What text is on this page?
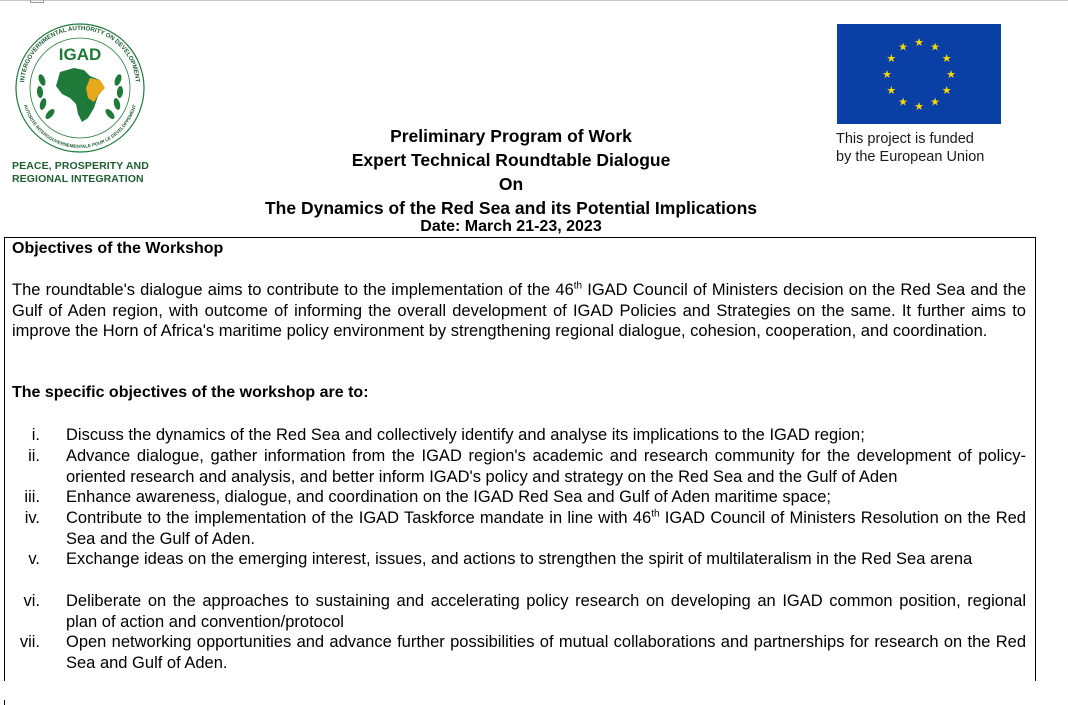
INTERGOVERNMENTAL AUTHORITY ON DEVELOPMENT
AUTORITÉ INTERGOUVERNEMENTALE POUR LE DÉVELOPPEMENT
IGAD
PEACE, PROSPERITY AND
REGIONAL INTEGRATION
★ ★
★
★
★
★
★
★
★
★
★
★
This project is funded
by the European Union
Preliminary Program of Work
Expert Technical Roundtable Dialogue
On
The Dynamics of the Red Sea and its Potential Implications
Date: March 21-23, 2023
Objectives of the Workshop
The roundtable's dialogue aims to contribute to the implementation of the 46th IGAD Council of Ministers decision on the Red Sea and the Gulf of Aden region, with outcome of informing the overall development of IGAD Policies and Strategies on the same. It further aims to improve the Horn of Africa's maritime policy environment by strengthening regional dialogue, cohesion, cooperation, and coordination.
The specific objectives of the workshop are to:
i. Discuss the dynamics of the Red Sea and collectively identify and analyse its implications to the IGAD region;
ii. Advance dialogue, gather information from the IGAD region's academic and research community for the development of policy-oriented research and analysis, and better inform IGAD's policy and strategy on the Red Sea and the Gulf of Aden
iii. Enhance awareness, dialogue, and coordination on the IGAD Red Sea and Gulf of Aden maritime space;
iv. Contribute to the implementation of the IGAD Taskforce mandate in line with 46th IGAD Council of Ministers Resolution on the Red Sea and the Gulf of Aden.
v. Exchange ideas on the emerging interest, issues, and actions to strengthen the spirit of multilateralism in the Red Sea arena
vi. Deliberate on the approaches to sustaining and accelerating policy research on developing an IGAD common position, regional plan of action and convention/protocol
vii. Open networking opportunities and advance further possibilities of mutual collaborations and partnerships for research on the Red Sea and Gulf of Aden.
